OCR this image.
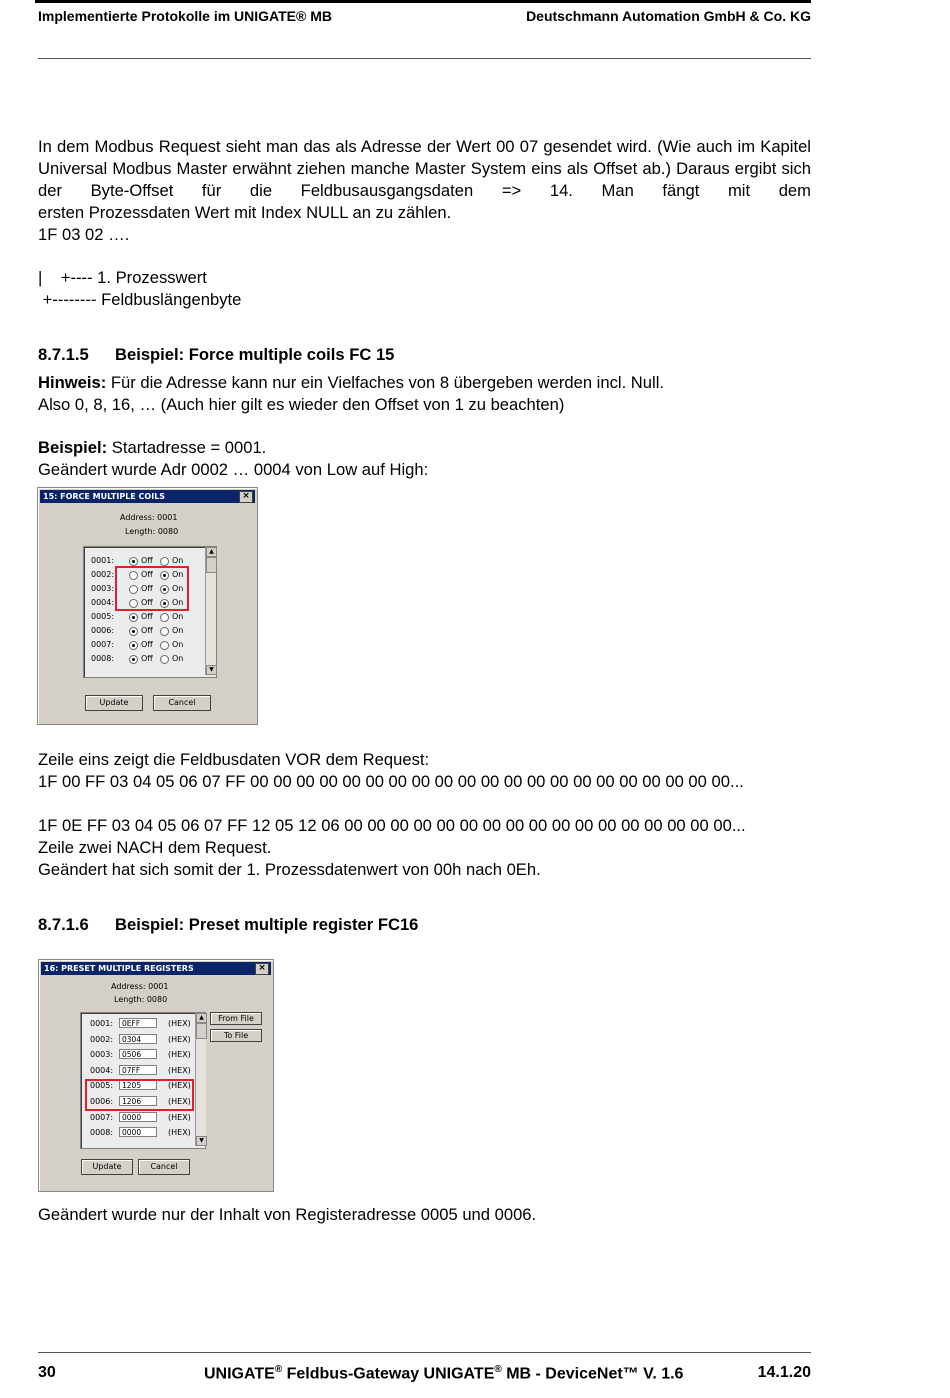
Implementierte Protokolle im UNIGATE® MB	Deutschmann Automation GmbH & Co. KG
In dem Modbus Request sieht man das als Adresse der Wert 00 07 gesendet wird. (Wie auch im Kapitel Universal Modbus Master erwähnt ziehen manche Master System eins als Offset ab.) Daraus ergibt sich der Byte-Offset für die Feldbusausgangsdaten => 14. Man fängt mit dem
ersten Prozessdaten Wert mit Index NULL an zu zählen.
1F 03 02 ….
|    +---- 1. Prozesswert
+-------- Feldbuslängenbyte
8.7.1.5 Beispiel: Force multiple coils FC 15
Hinweis: Für die Adresse kann nur ein Vielfaches von 8 übergeben werden incl. Null.
Also 0, 8, 16, … (Auch hier gilt es wieder den Offset von 1 zu beachten)
Beispiel: Startadresse = 0001.
Geändert wurde Adr 0002 … 0004 von Low auf High:
15: FORCE MULTIPLE COILS	×
Address: 0001
Length: 0080
▲
▼
0001:	Off On
0002:	Off On
0003:	Off On
0004:	Off On
0005:	Off On
0006:	Off On
0007:	Off On
0008:	Off On
Update	Cancel
Zeile eins zeigt die Feldbusdaten VOR dem Request:
1F 00 FF 03 04 05 06 07 FF 00 00 00 00 00 00 00 00 00 00 00 00 00 00 00 00 00 00 00 00 00...
1F 0E FF 03 04 05 06 07 FF 12 05 12 06 00 00 00 00 00 00 00 00 00 00 00 00 00 00 00 00 00...
Zeile zwei NACH dem Request.
Geändert hat sich somit der 1. Prozessdatenwert von 00h nach 0Eh.
8.7.1.6 Beispiel: Preset multiple register FC16
16: PRESET MULTIPLE REGISTERS	×
Address: 0001
Length: 0080
▲
▼
0001:	0EFF	(HEX)
0002:	0304	(HEX)
0003:	0506	(HEX)
0004:	07FF	(HEX)
0005:	1205	(HEX)
0006:	1206	(HEX)
0007:	0000	(HEX)
0008:	0000	(HEX)
From File
To File
Update	Cancel
Geändert wurde nur der Inhalt von Registeradresse 0005 und 0006.
30	UNIGATE® Feldbus-Gateway UNIGATE® MB - DeviceNet™ V. 1.6	14.1.20
